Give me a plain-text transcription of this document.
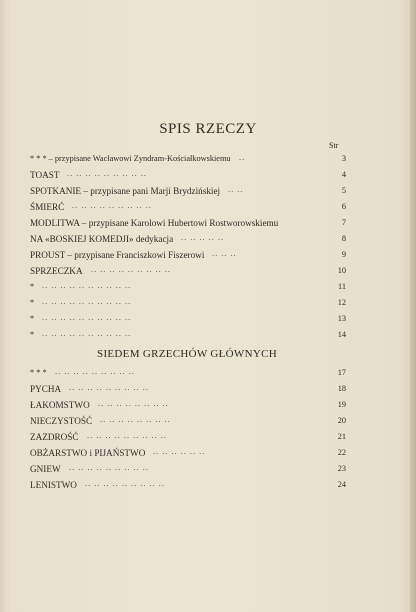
SPIS RZECZY
Str
* * * – przypisane Wacławowi Zyndram-Kościałkowskiemu ..	3
TOAST .. .. .. .. .. .. .. .. ..	4
SPOTKANIE – przypisane pani Marji Brydzińskiej .. ..	5
ŚMIERĆ .. .. .. .. .. .. .. .. ..	6
MODLITWA – przypisane Karolowi Hubertowi Rostworowskiemu	7
NA «BOSKIEJ KOMEDJI» dedykacja .. .. .. .. ..	8
PROUST – przypisane Franciszkowi Fiszerowi .. .. ..	9
SPRZECZKA .. .. .. .. .. .. .. .. ..	10
* .. .. .. .. .. .. .. .. .. ..	11
* .. .. .. .. .. .. .. .. .. ..	12
* .. .. .. .. .. .. .. .. .. ..	13
* .. .. .. .. .. .. .. .. .. ..	14
SIEDEM GRZECHÓW GŁÓWNYCH
* * * .. .. .. .. .. .. .. .. ..	17
PYCHA .. .. .. .. .. .. .. .. ..	18
ŁAKOMSTWO .. .. .. .. .. .. .. ..	19
NIECZYSTOŚĆ .. .. .. .. .. .. .. ..	20
ZAZDROŚĆ .. .. .. .. .. .. .. .. ..	21
OBŻARSTWO i PIJAŃSTWO .. .. .. .. .. ..	22
GNIEW .. .. .. .. .. .. .. .. ..	23
LENISTWO .. .. .. .. .. .. .. .. ..	24
